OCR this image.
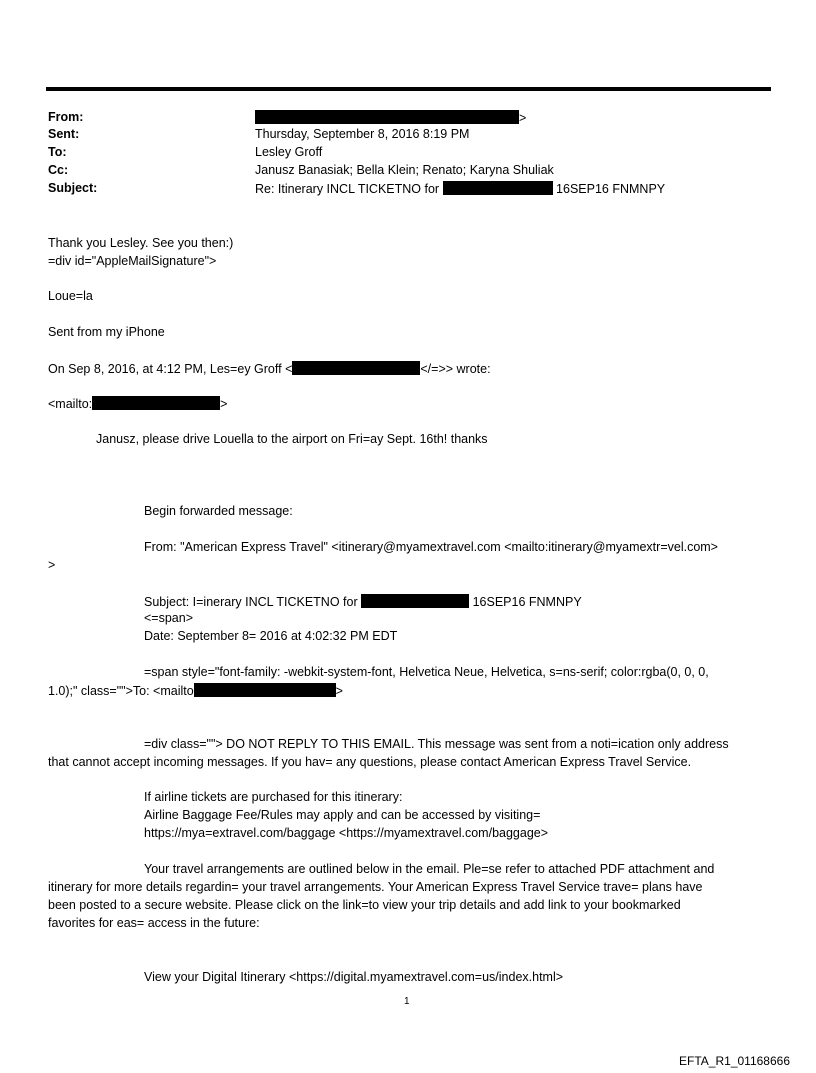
From:	>
Sent:	Thursday, September 8, 2016 8:19 PM
To:	Lesley Groff
Cc:	Janusz Banasiak; Bella Klein; Renato; Karyna Shuliak
Subject:	Re: Itinerary INCL TICKETNO for	16SEP16 FNMNPY
Thank you Lesley. See you then:)
=div id="AppleMailSignature">
Loue=la
Sent from my iPhone
On Sep 8, 2016, at 4:12 PM, Les=ey Groff <	</=>> wrote:
<mailto:	>
Janusz, please drive Louella to the airport on Fri=ay Sept. 16th! thanks
Begin forwarded message:
From: "American Express Travel" <itinerary@myamextravel.com <mailto:itinerary@myamextr=vel.com>
>
Subject: I=inerary INCL TICKETNO for	16SEP16 FNMNPY
<=span>
Date: September 8= 2016 at 4:02:32 PM EDT
=span style="font-family: -webkit-system-font, Helvetica Neue, Helvetica, s=ns-serif; color:rgba(0, 0, 0,
1.0);" class="">To: <mailto	>
=div class=""> DO NOT REPLY TO THIS EMAIL. This message was sent from a noti=ication only address
that cannot accept incoming messages. If you hav= any questions, please contact American Express Travel Service.
If airline tickets are purchased for this itinerary:
Airline Baggage Fee/Rules may apply and can be accessed by visiting=
https://mya=extravel.com/baggage <https://myamextravel.com/baggage>
Your travel arrangements are outlined below in the email. Ple=se refer to attached PDF attachment and
itinerary for more details regardin= your travel arrangements. Your American Express Travel Service trave= plans have
been posted to a secure website. Please click on the link=to view your trip details and add link to your bookmarked
favorites for eas= access in the future:
View your Digital Itinerary <https://digital.myamextravel.com=us/index.html>
1
EFTA_R1_01168666
